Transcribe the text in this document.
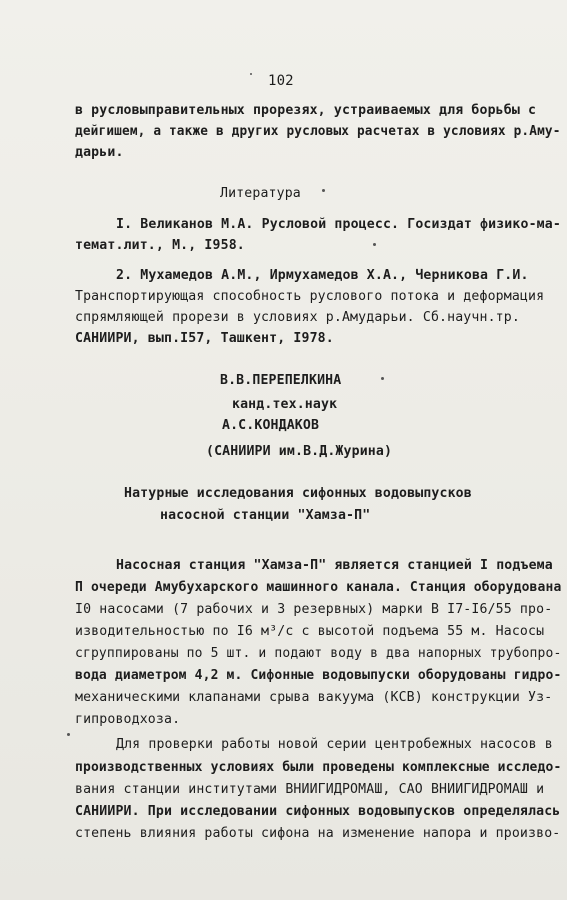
102
в русловыправительных прорезях, устраиваемых для борьбы с
дейгишем, а также в других русловых расчетах в условиях р.Аму-
дарьи.
Литература
I. Великанов М.А. Русловой процесс. Госиздат физико-ма-
темат.лит., М., I958.
2. Мухамедов А.М., Ирмухамедов Х.А., Черникова Г.И.
Транспортирующая способность руслового потока и деформация
спрямляющей прорези в условиях р.Амударьи. Сб.научн.тр.
САНИИРИ, вып.I57, Ташкент, I978.
В.В.ПЕРЕПЕЛКИНА
канд.тех.наук
А.С.КОНДАКОВ
(САНИИРИ им.В.Д.Журина)
Натурные исследования сифонных водовыпусков
насосной станции "Хамза-П"
Насосная станция "Хамза-П" является станцией I подъема
П очереди Амубухарского машинного канала. Станция оборудована
I0 насосами (7 рабочих и 3 резервных) марки В I7-I6/55 про-
изводительностью по I6 м³/с с высотой подъема 55 м. Насосы
сгруппированы по 5 шт. и подают воду в два напорных трубопро-
вода диаметром 4,2 м. Сифонные водовыпуски оборудованы гидро-
механическими клапанами срыва вакуума (КСВ) конструкции Уз-
гипроводхоза.
Для проверки работы новой серии центробежных насосов в
производственных условиях были проведены комплексные исследо-
вания станции институтами ВНИИГИДРОМАШ, САО ВНИИГИДРОМАШ и
САНИИРИ. При исследовании сифонных водовыпусков определялась
степень влияния работы сифона на изменение напора и произво-
